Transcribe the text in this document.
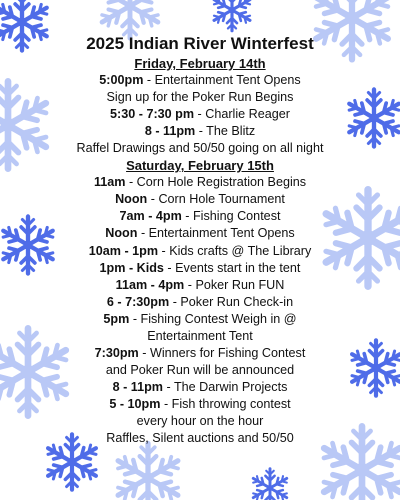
2025 Indian River Winterfest
Friday, February 14th
5:00pm - Entertainment Tent Opens
Sign up for the Poker Run Begins
5:30 - 7:30 pm - Charlie Reager
8 - 11pm - The Blitz
Raffel Drawings and 50/50 going on all night
Saturday, February 15th
11am - Corn Hole Registration Begins
Noon - Corn Hole Tournament
7am - 4pm - Fishing Contest
Noon - Entertainment Tent Opens
10am - 1pm - Kids crafts @ The Library
1pm - Kids - Events start in the tent
11am - 4pm - Poker Run FUN
6 - 7:30pm - Poker Run Check-in
5pm - Fishing Contest Weigh in @
Entertainment Tent
7:30pm - Winners for Fishing Contest
and Poker Run will be announced
8 - 11pm - The Darwin Projects
5 - 10pm - Fish throwing contest
every hour on the hour
Raffles, Silent auctions and 50/50
